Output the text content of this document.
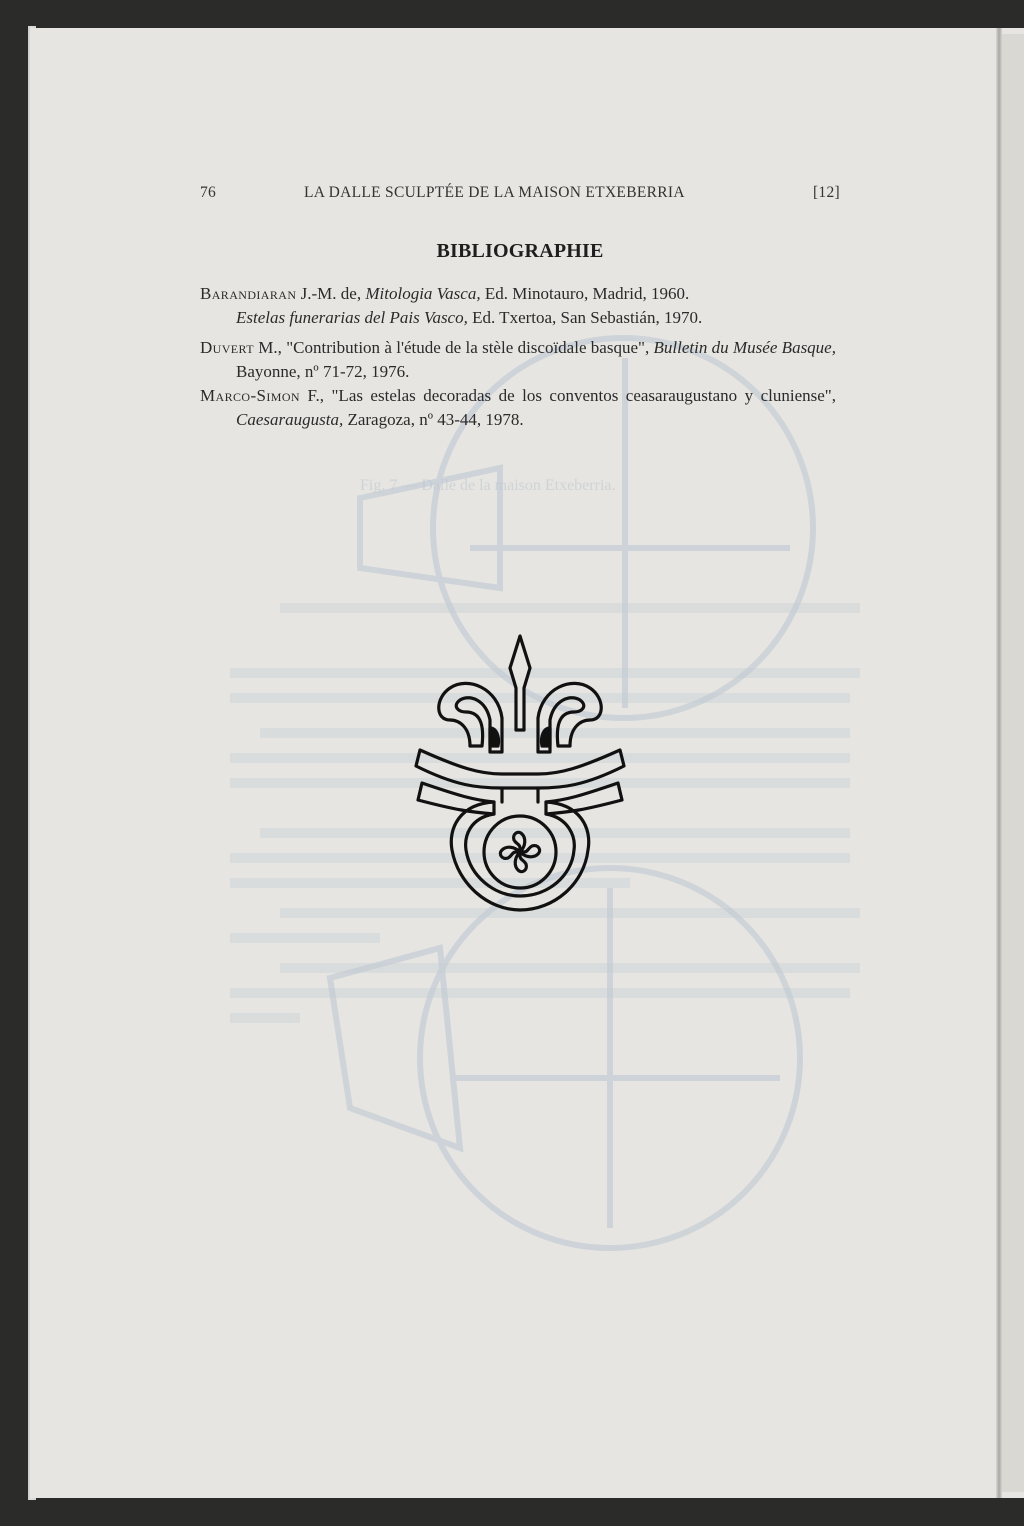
Fig. 7 — Dalle de la maison Etxeberria.
76	LA DALLE SCULPTÉE DE LA MAISON ETXEBERRIA	[12]
BIBLIOGRAPHIE
Barandiaran J.-M. de, Mitologia Vasca, Ed. Minotauro, Madrid, 1960.
Estelas funerarias del Pais Vasco, Ed. Txertoa, San Sebastián, 1970.
Duvert M., "Contribution à l'étude de la stèle discoïdale basque", Bulletin du Musée Basque, Bayonne, nº 71-72, 1976.
Marco-Simon F., "Las estelas decoradas de los conventos ceasaraugustano y cluniense", Caesaraugusta, Zaragoza, nº 43-44, 1978.
